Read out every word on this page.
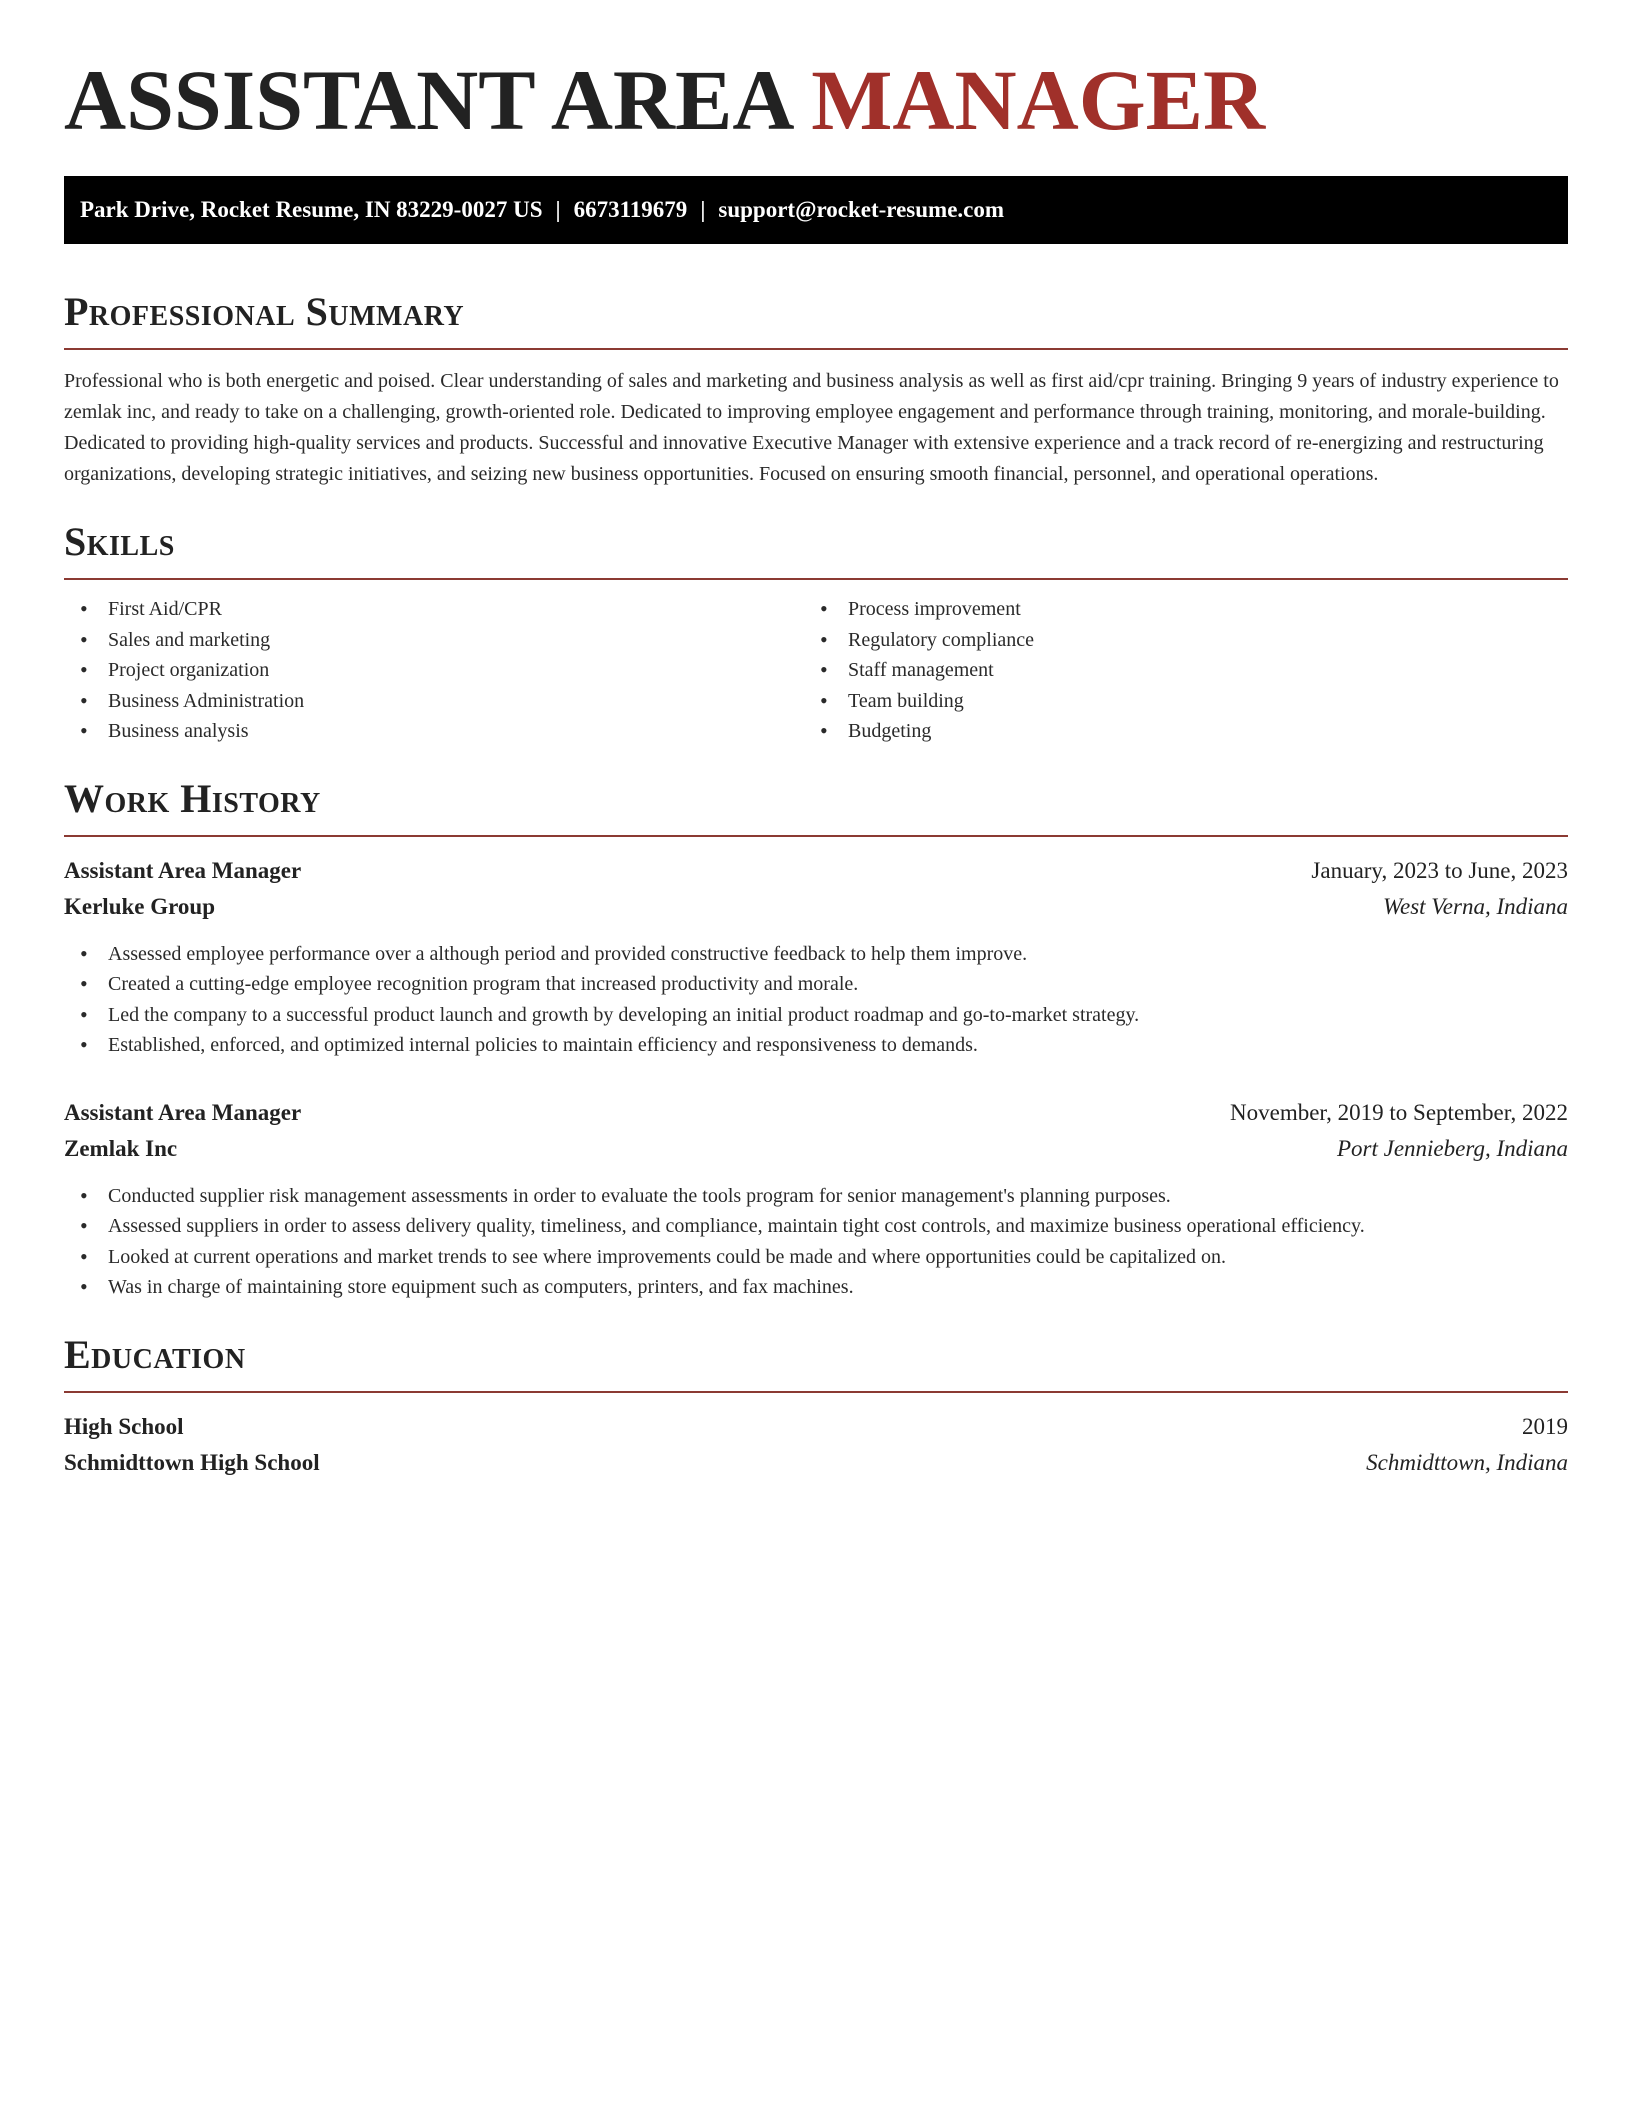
ASSISTANT AREA MANAGER
Park Drive, Rocket Resume, IN 83229-0027 US | 6673119679 | support@rocket-resume.com
Professional Summary

Professional who is both energetic and poised. Clear understanding of sales and marketing and business analysis as well as first aid/cpr training. Bringing 9 years of industry experience to zemlak inc, and ready to take on a challenging, growth-oriented role. Dedicated to improving employee engagement and performance through training, monitoring, and morale-building. Dedicated to providing high-quality services and products. Successful and innovative Executive Manager with extensive experience and a track record of re-energizing and restructuring organizations, developing strategic initiatives, and seizing new business opportunities. Focused on ensuring smooth financial, personnel, and operational operations.

Skills
• First Aid/CPR
• Sales and marketing
• Project organization
• Business Administration
• Business analysis
• Process improvement
• Regulatory compliance
• Staff management
• Team building
• Budgeting
Work History
Assistant Area Manager	January, 2023 to June, 2023
Kerluke Group	West Verna, Indiana
• Assessed employee performance over a although period and provided constructive feedback to help them improve.
• Created a cutting-edge employee recognition program that increased productivity and morale.
• Led the company to a successful product launch and growth by developing an initial product roadmap and go-to-market strategy.
• Established, enforced, and optimized internal policies to maintain efficiency and responsiveness to demands.
Assistant Area Manager	November, 2019 to September, 2022
Zemlak Inc	Port Jennieberg, Indiana
• Conducted supplier risk management assessments in order to evaluate the tools program for senior management's planning purposes.
• Assessed suppliers in order to assess delivery quality, timeliness, and compliance, maintain tight cost controls, and maximize business operational efficiency.
• Looked at current operations and market trends to see where improvements could be made and where opportunities could be capitalized on.
• Was in charge of maintaining store equipment such as computers, printers, and fax machines.
Education
High School	2019
Schmidttown High School	Schmidttown, Indiana
